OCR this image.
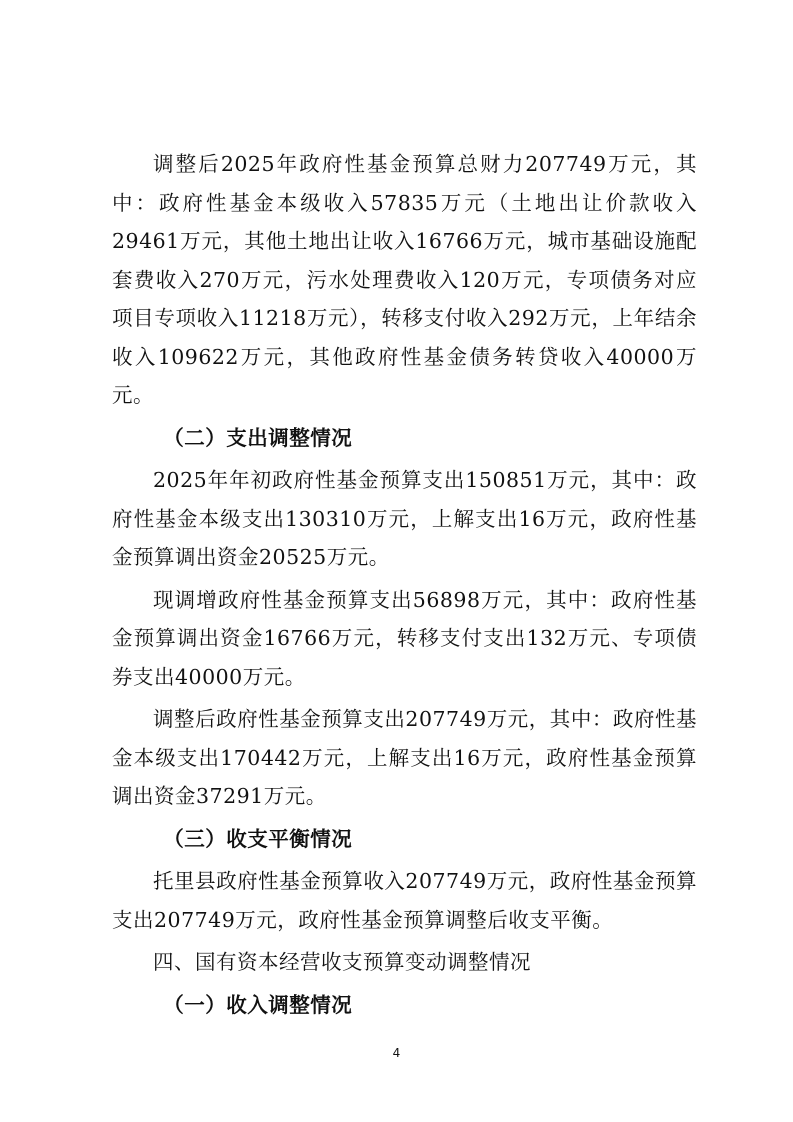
调整后2025年政府性基金预算总财力207749万元，其中：政府性基金本级收入57835万元（土地出让价款收入29461万元，其他土地出让收入16766万元，城市基础设施配套费收入270万元，污水处理费收入120万元，专项债务对应项目专项收入11218万元），转移支付收入292万元，上年结余收入109622万元，其他政府性基金债务转贷收入40000万元。

（二）支出调整情况

2025年年初政府性基金预算支出150851万元，其中：政府性基金本级支出130310万元，上解支出16万元，政府性基金预算调出资金20525万元。

现调增政府性基金预算支出56898万元，其中：政府性基金预算调出资金16766万元，转移支付支出132万元、专项债券支出40000万元。

调整后政府性基金预算支出207749万元，其中：政府性基金本级支出170442万元，上解支出16万元，政府性基金预算调出资金37291万元。

（三）收支平衡情况

托里县政府性基金预算收入207749万元，政府性基金预算支出207749万元，政府性基金预算调整后收支平衡。

四、国有资本经营收支预算变动调整情况

（一）收入调整情况

4
